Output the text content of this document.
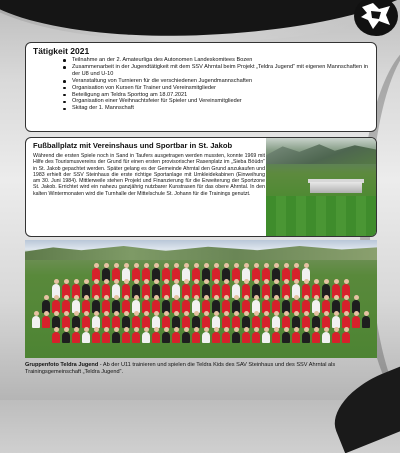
Tätigkeit 2021
Teilnahme an der 2. Amateurliga des Autonomen Landeskomitees Bozen
Zusammenarbeit in der Jugendtätigkeit mit dem SSV Ahrntal beim Projekt „Teldra Jugend“ mit eigenen Mannschaften in der U8 und U-10
Veranstaltung von Turnieren für die verschiedenen Jugendmannschaften
Organisation von Kursen für Trainer und Vereinsmitglieder
Beteiligung am Teldra Sporttog am 18.07.2021
Organisation einer Weihnachtsfeier für Spieler und Vereinsmitglieder
Skitag der 1. Mannschaft
Fußballplatz mit Vereinshaus und Sportbar in St. Jakob

Während die ersten Spiele noch in Sand in Taufers ausgetragen werden mussten, konnte 1969 mit Hilfe des Tourismusvereins der Grund für einen ersten provisorischer Rasenplatz im „Sieba Böüdn“ in St. Jakob gepachtet werden. Später gelang es der Gemeinde Ahrntal den Grund anzukaufen und 1983 erhielt der SSV Steinhaus die erste richtige Sportanlage mit Umkleidekabinen (Einweihung am 30. Juni 1984). Mittlerweile stehen Projekt und Finanzierung für die Erweiterung der Sportzone St. Jakob. Errichtet wird ein nahezu ganzjährig nutzbarer Kunstrasen für das obere Ahrntal. In den kalten Wintermonaten wird die Turnhalle der Mittelschule St. Johann für die Trainings genutzt.

Gruppenfoto Teldra Jugend - Ab der U11 trainieren und spielen die Teldra Kids des SAV Steinhaus und des SSV Ahrntal als Trainingsgemeinschaft „Teldra Jugend“.
